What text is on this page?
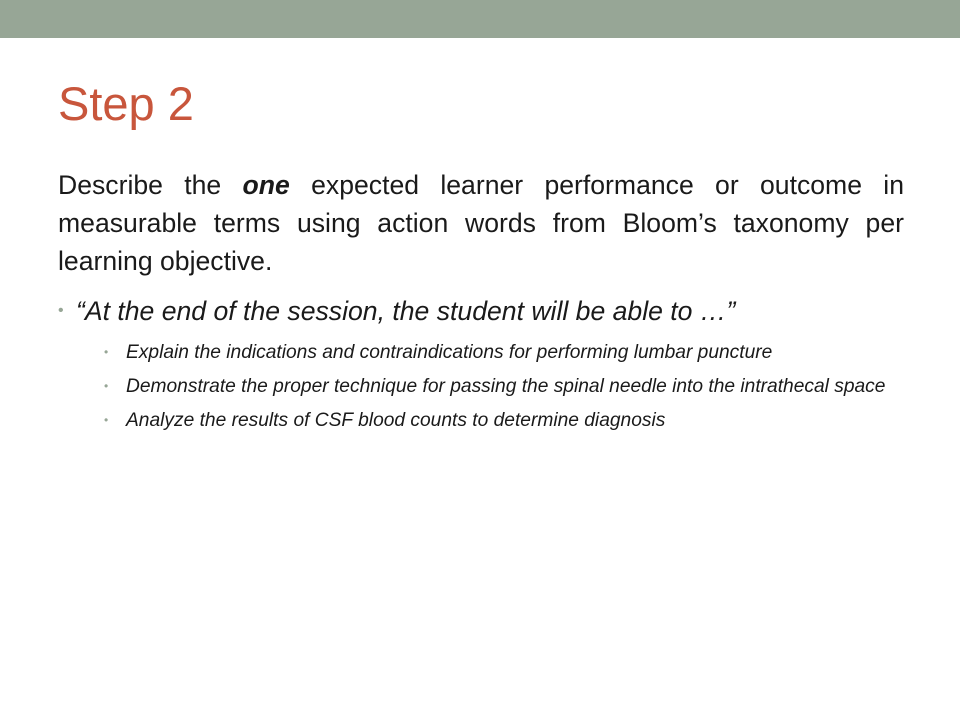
Step 2

Describe the one expected learner performance or outcome in measurable terms using action words from Bloom’s taxonomy per learning objective.

• “At the end of the session, the student will be able to …”
• Explain the indications and contraindications for performing lumbar puncture
• Demonstrate the proper technique for passing the spinal needle into the intrathecal space
• Analyze the results of CSF blood counts to determine diagnosis
